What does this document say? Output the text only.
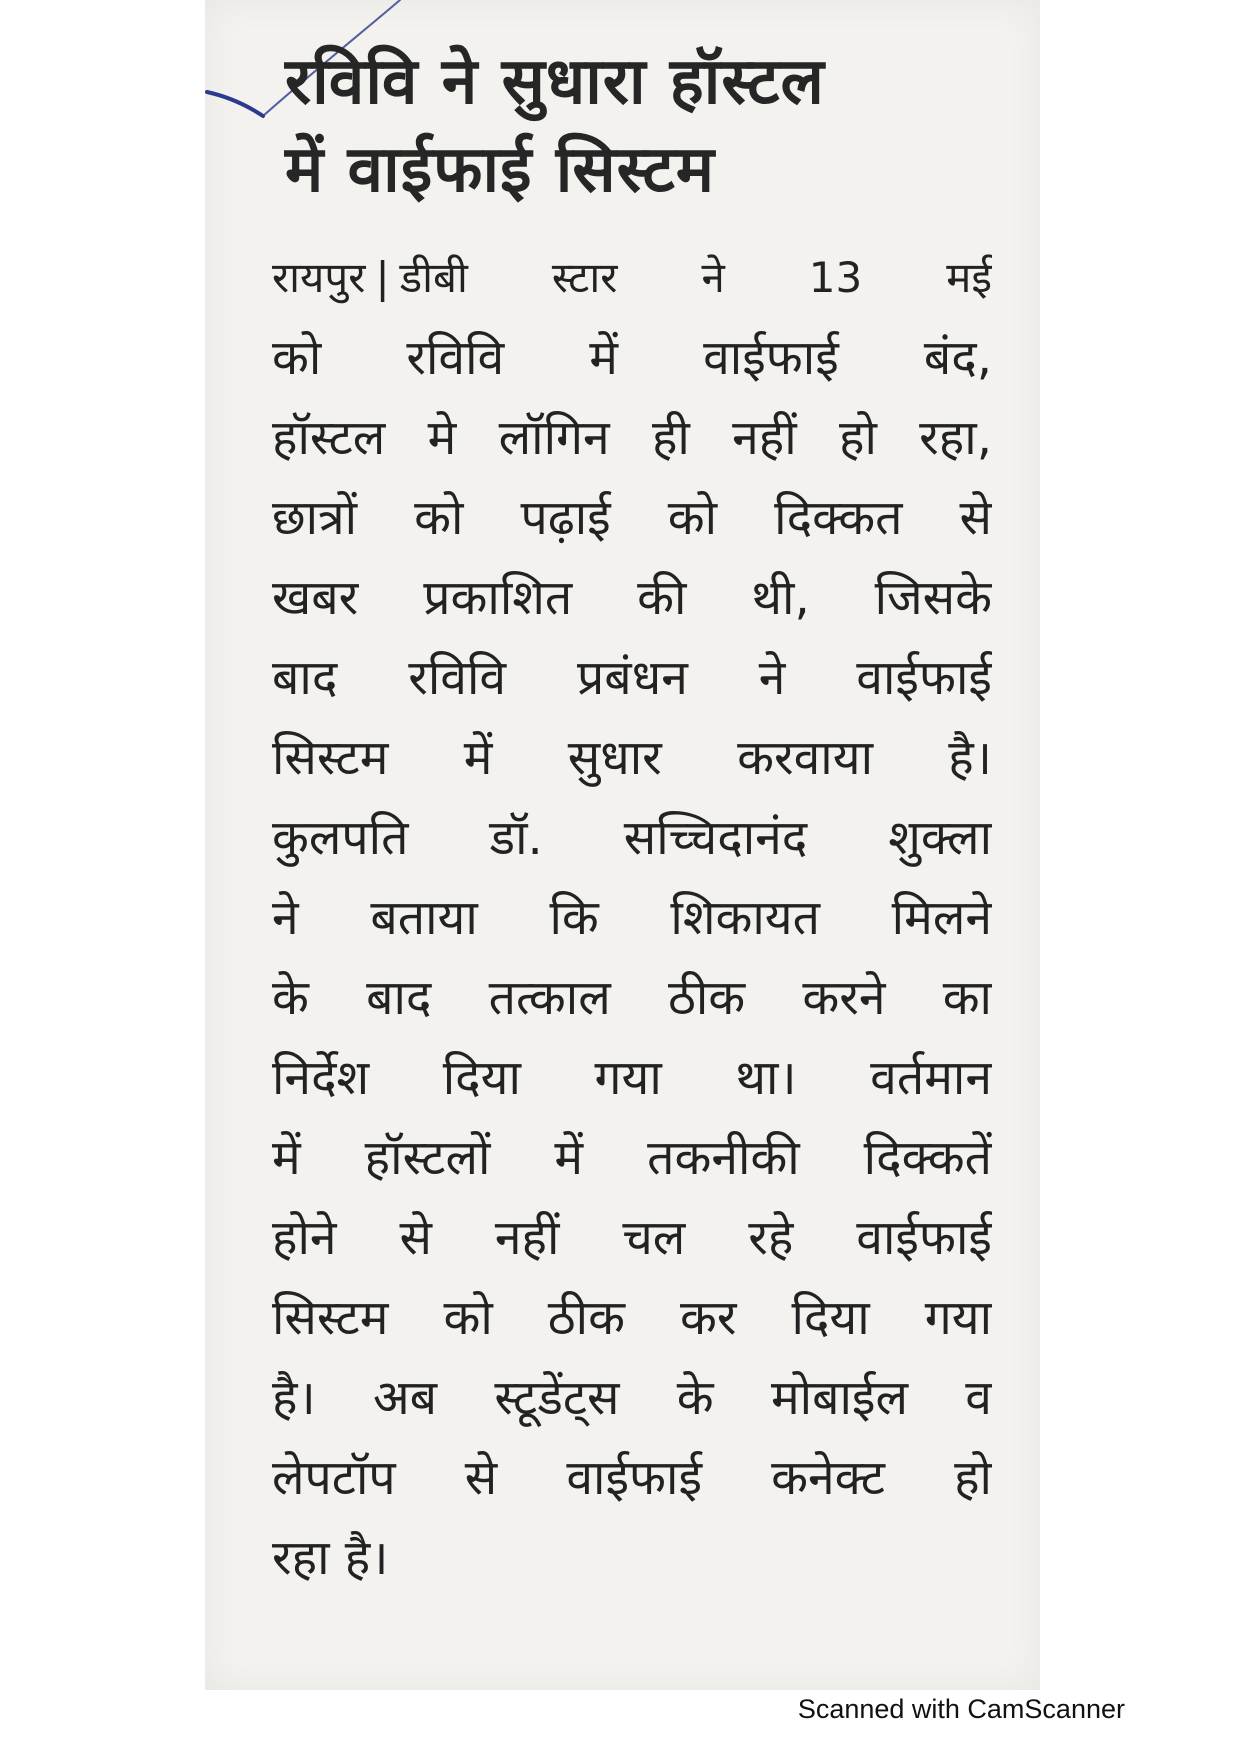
रविवि ने सुधारा हॉस्टल
में वाईफाई सिस्टम
रायपुर | डीबी स्टार ने 13 मई
को रविवि में वाईफाई बंद,
हॉस्टल मे लॉगिन ही नहीं हो रहा,
छात्रों को पढ़ाई को दिक्कत से
खबर प्रकाशित की थी, जिसके
बाद रविवि प्रबंधन ने वाईफाई
सिस्टम में सुधार करवाया है।
कुलपति डॉ. सच्चिदानंद शुक्ला
ने बताया कि शिकायत मिलने
के बाद तत्काल ठीक करने का
निर्देश दिया गया था। वर्तमान
में हॉस्टलों में तकनीकी दिक्कतें
होने से नहीं चल रहे वाईफाई
सिस्टम को ठीक कर दिया गया
है। अब स्टूडेंट्स के मोबाईल व
लेपटॉप से वाईफाई कनेक्ट हो
रहा है।
Scanned with CamScanner
